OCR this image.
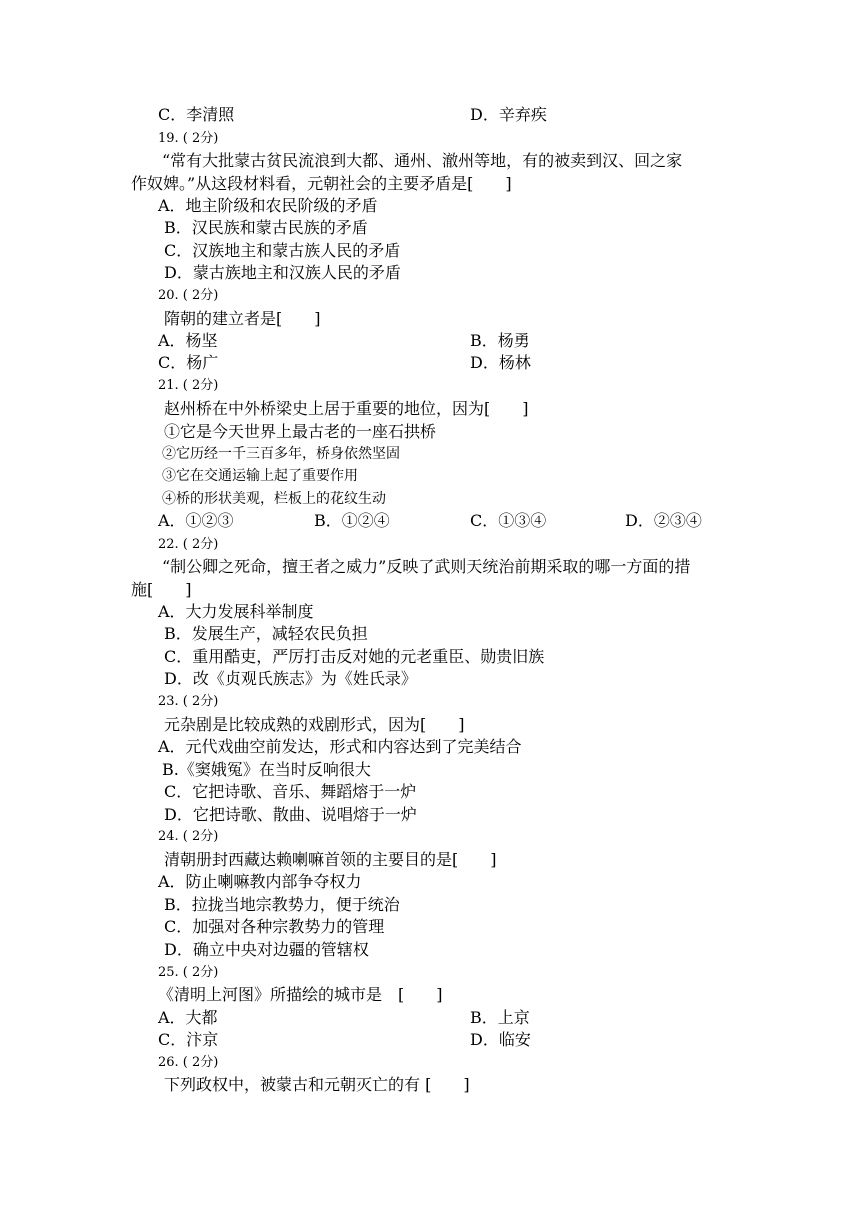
A．①②③	B．①②④	C．①③④	D．②③④
C．李清照	D．辛弃疾
19. ( 2分)
“常有大批蒙古贫民流浪到大都、通州、澈州等地，有的被卖到汉、回之家
作奴婢。”从这段材料看，元朝社会的主要矛盾是[　　]
A．地主阶级和农民阶级的矛盾
B．汉民族和蒙古民族的矛盾
C．汉族地主和蒙古族人民的矛盾
D．蒙古族地主和汉族人民的矛盾
20. ( 2分)
隋朝的建立者是[　　]
A．杨坚	B．杨勇
C．杨广	D．杨林
21. ( 2分)
赵州桥在中外桥梁史上居于重要的地位，因为[　　]
①它是今天世界上最古老的一座石拱桥
②它历经一千三百多年，桥身依然坚固
③它在交通运输上起了重要作用
④桥的形状美观，栏板上的花纹生动
22. ( 2分)
“制公卿之死命，擅王者之威力”反映了武则天统治前期采取的哪一方面的措
施[　　]
A．大力发展科举制度
B．发展生产，减轻农民负担
C．重用酷吏，严厉打击反对她的元老重臣、勋贵旧族
D．改《贞观氏族志》为《姓氏录》
23. ( 2分)
元杂剧是比较成熟的戏剧形式，因为[　　]
A．元代戏曲空前发达，形式和内容达到了完美结合
B.《窦娥冤》在当时反响很大
C．它把诗歌、音乐、舞蹈熔于一炉
D．它把诗歌、散曲、说唱熔于一炉
24. ( 2分)
清朝册封西藏达赖喇嘛首领的主要目的是[　　]
A．防止喇嘛教内部争夺权力
B．拉拢当地宗教势力，便于统治
C．加强对各种宗教势力的管理
D．确立中央对边疆的管辖权
25. ( 2分)
《清明上河图》所描绘的城市是　[　　]
A．大都	B．上京
C．汴京	D．临安
26. ( 2分)
下列政权中，被蒙古和元朝灭亡的有 [　　]
